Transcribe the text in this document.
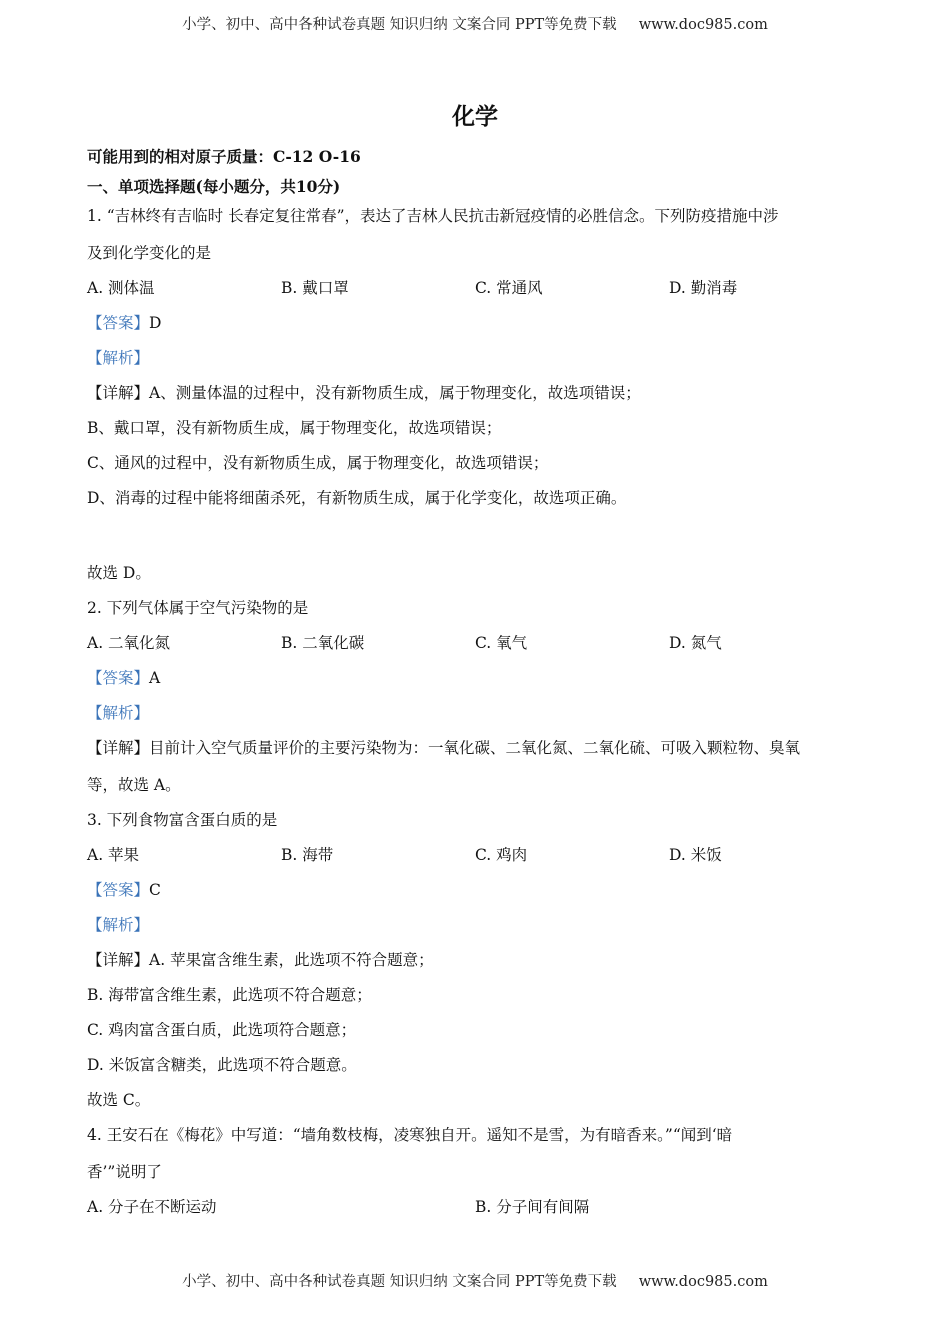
小学、初中、高中各种试卷真题 知识归纳 文案合同 PPT等免费下载 www.doc985.com
化学
可能用到的相对原子质量：C-12 O-16
一、单项选择题(每小题分，共10分)
1. “吉林终有吉临时 长春定复往常春”，表达了吉林人民抗击新冠疫情的必胜信念。下列防疫措施中涉
及到化学变化的是
A. 测体温	B. 戴口罩	C. 常通风	D. 勤消毒
【答案】D
【解析】
【详解】A、测量体温的过程中，没有新物质生成，属于物理变化，故选项错误；
B、戴口罩，没有新物质生成，属于物理变化，故选项错误；
C、通风的过程中，没有新物质生成，属于物理变化，故选项错误；
D、消毒的过程中能将细菌杀死，有新物质生成，属于化学变化，故选项正确。
故选 D。
2. 下列气体属于空气污染物的是
A. 二氧化氮	B. 二氧化碳	C. 氧气	D. 氮气
【答案】A
【解析】
【详解】目前计入空气质量评价的主要污染物为：一氧化碳、二氧化氮、二氧化硫、可吸入颗粒物、臭氧
等，故选 A。
3. 下列食物富含蛋白质的是
A. 苹果	B. 海带	C. 鸡肉	D. 米饭
【答案】C
【解析】
【详解】A. 苹果富含维生素，此选项不符合题意；
B. 海带富含维生素，此选项不符合题意；
C. 鸡肉富含蛋白质，此选项符合题意；
D. 米饭富含糖类，此选项不符合题意。
故选 C。
4. 王安石在《梅花》中写道：“墙角数枝梅，凌寒独自开。遥知不是雪，为有暗香来。”“闻到‘暗
香’”说明了
A. 分子在不断运动	B. 分子间有间隔
小学、初中、高中各种试卷真题 知识归纳 文案合同 PPT等免费下载 www.doc985.com
